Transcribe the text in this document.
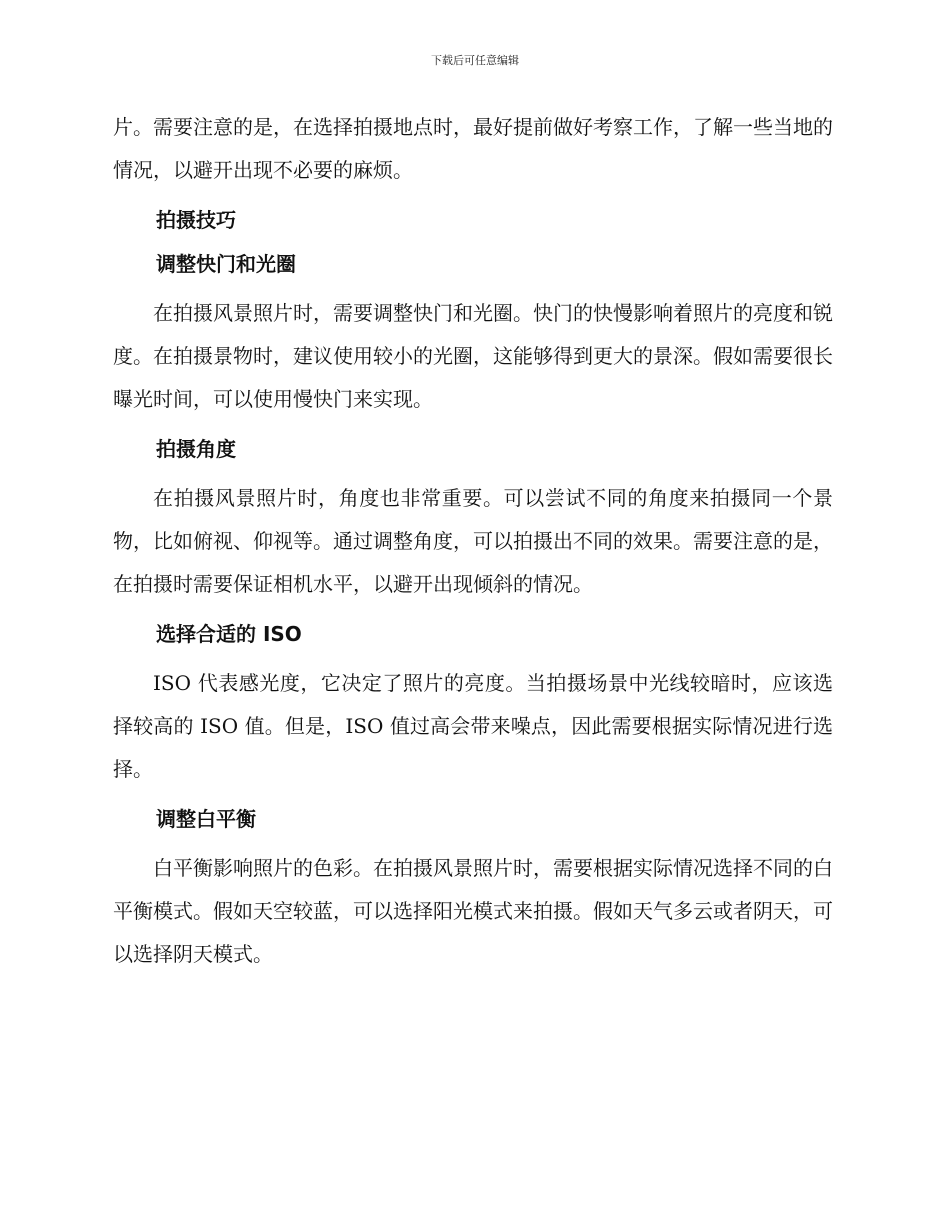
下载后可任意编辑

片。需要注意的是，在选择拍摄地点时，最好提前做好考察工作，了解一些当地的情况，以避开出现不必要的麻烦。

拍摄技巧
调整快门和光圈

在拍摄风景照片时，需要调整快门和光圈。快门的快慢影响着照片的亮度和锐度。在拍摄景物时，建议使用较小的光圈，这能够得到更大的景深。假如需要很长曝光时间，可以使用慢快门来实现。

拍摄角度

在拍摄风景照片时，角度也非常重要。可以尝试不同的角度来拍摄同一个景物，比如俯视、仰视等。通过调整角度，可以拍摄出不同的效果。需要注意的是，在拍摄时需要保证相机水平，以避开出现倾斜的情况。

选择合适的 ISO

ISO 代表感光度，它决定了照片的亮度。当拍摄场景中光线较暗时，应该选择较高的 ISO 值。但是，ISO 值过高会带来噪点，因此需要根据实际情况进行选择。

调整白平衡

白平衡影响照片的色彩。在拍摄风景照片时，需要根据实际情况选择不同的白平衡模式。假如天空较蓝，可以选择阳光模式来拍摄。假如天气多云或者阴天，可以选择阴天模式。
